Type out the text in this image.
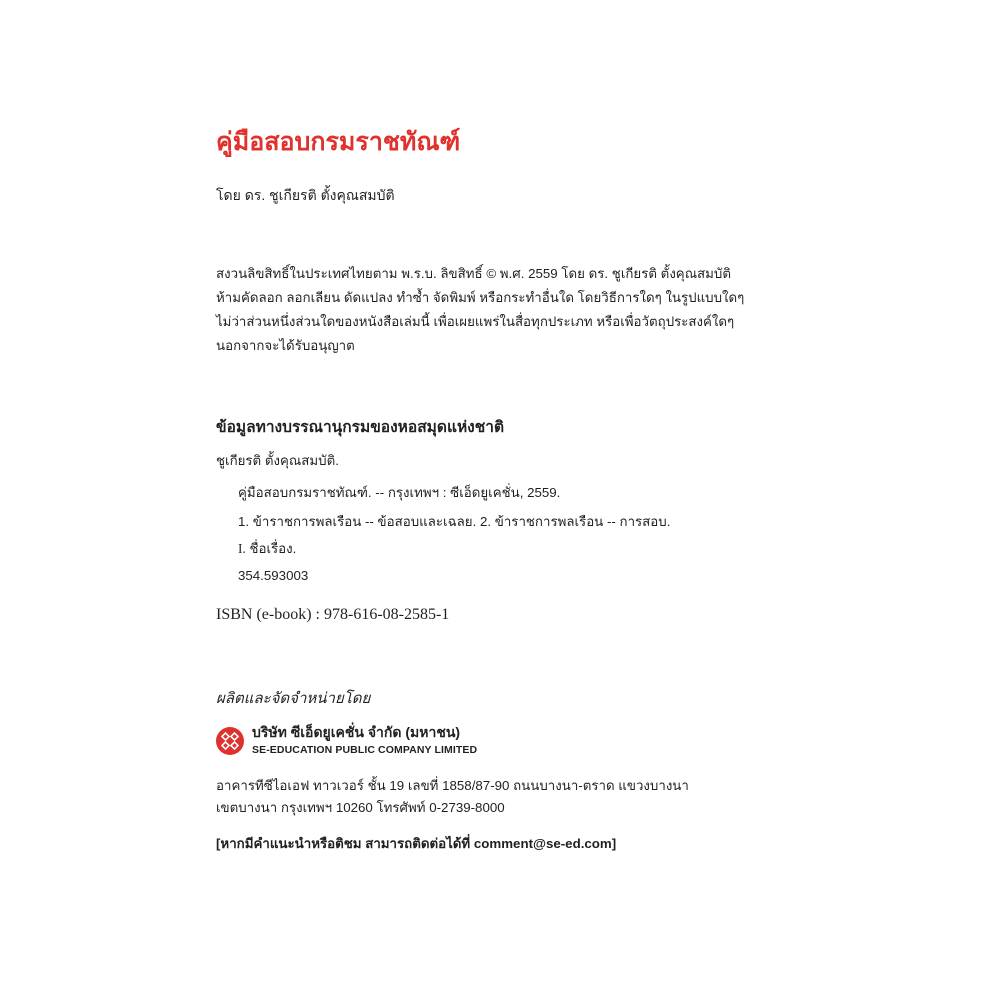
คู่มือสอบกรมราชทัณฑ์
โดย ดร. ชูเกียรติ ตั้งคุณสมบัติ
สงวนลิขสิทธิ์ในประเทศไทยตาม พ.ร.บ. ลิขสิทธิ์ © พ.ศ. 2559 โดย ดร. ชูเกียรติ ตั้งคุณสมบัติ
ห้ามคัดลอก ลอกเลียน ดัดแปลง ทำซ้ำ จัดพิมพ์ หรือกระทำอื่นใด โดยวิธีการใดๆ ในรูปแบบใดๆ
ไม่ว่าส่วนหนึ่งส่วนใดของหนังสือเล่มนี้ เพื่อเผยแพร่ในสื่อทุกประเภท หรือเพื่อวัตถุประสงค์ใดๆ
นอกจากจะได้รับอนุญาต
ข้อมูลทางบรรณานุกรมของหอสมุดแห่งชาติ
ชูเกียรติ ตั้งคุณสมบัติ.
คู่มือสอบกรมราชทัณฑ์. -- กรุงเทพฯ : ซีเอ็ดยูเคชั่น, 2559.
1. ข้าราชการพลเรือน -- ข้อสอบและเฉลย. 2. ข้าราชการพลเรือน -- การสอบ.
I. ชื่อเรื่อง.
354.593003
ISBN (e-book) : 978-616-08-2585-1
ผลิตและจัดจำหน่ายโดย
บริษัท ซีเอ็ดยูเคชั่น จำกัด (มหาชน)
SE-EDUCATION PUBLIC COMPANY LIMITED
อาคารทีซีไอเอฟ ทาวเวอร์ ชั้น 19 เลขที่ 1858/87-90 ถนนบางนา-ตราด แขวงบางนา
เขตบางนา กรุงเทพฯ 10260 โทรศัพท์ 0-2739-8000
[หากมีคำแนะนำหรือติชม สามารถติดต่อได้ที่ comment@se-ed.com]
